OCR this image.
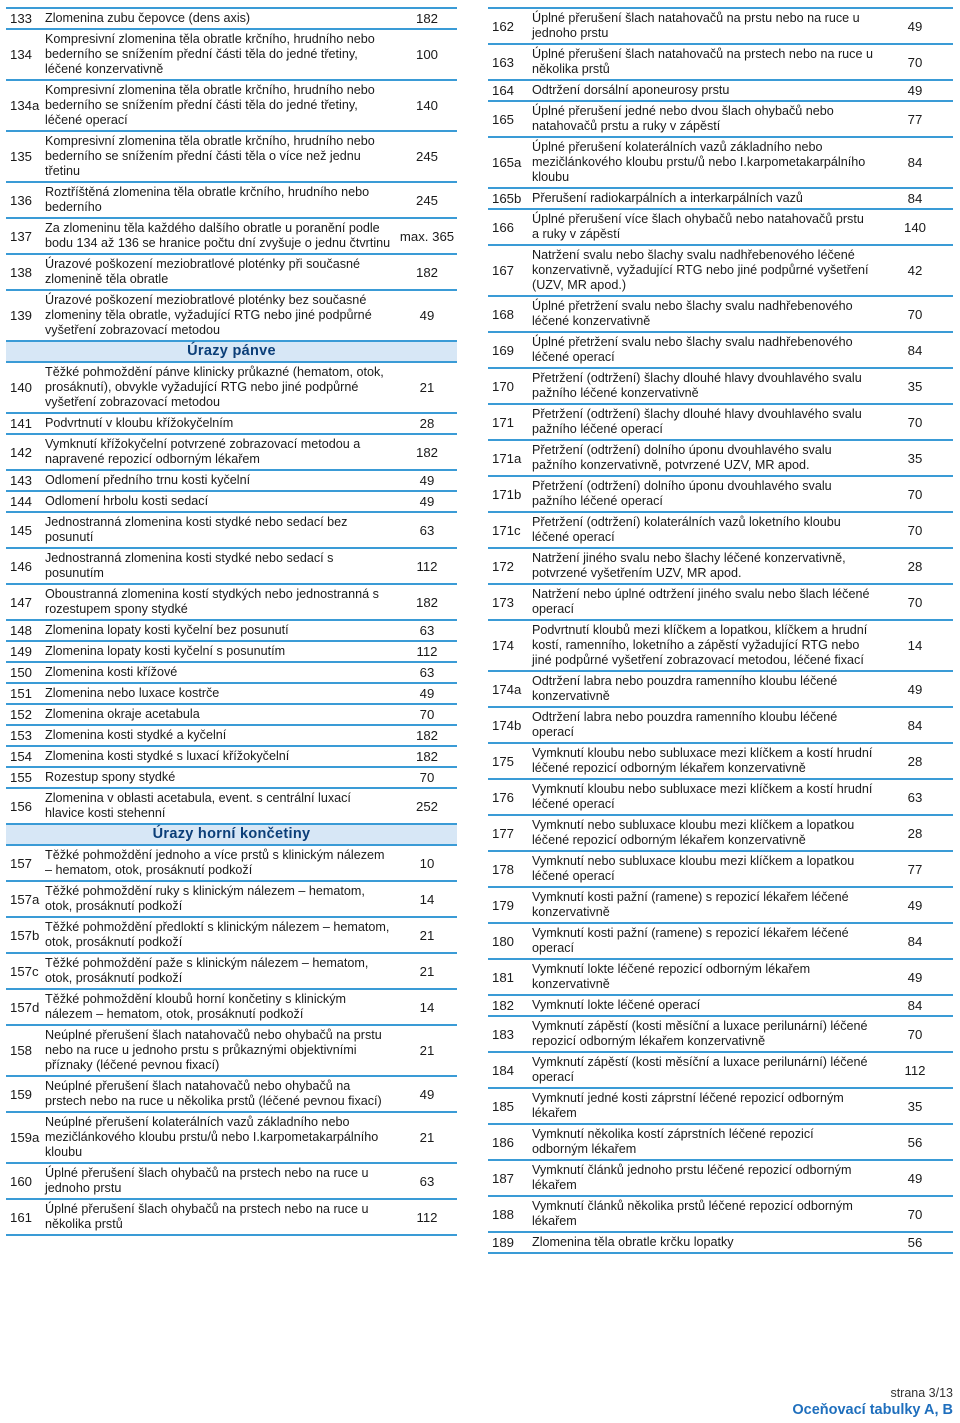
133	Zlomenina zubu čepovce (dens axis)	182
134	Kompresivní zlomenina těla obratle krčního, hrudního nebo bederního se snížením přední části těla do jedné třetiny, léčené konzervativně	100
134a	Kompresivní zlomenina těla obratle krčního, hrudního nebo bederního se snížením přední části těla do jedné třetiny, léčené operací	140
135	Kompresivní zlomenina těla obratle krčního, hrudního nebo bederního se snížením přední části těla o více než jednu třetinu	245
136	Roztříštěná zlomenina těla obratle krčního, hrudního nebo bederního	245
137	Za zlomeninu těla každého dalšího obratle u poranění podle bodu 134 až 136 se hranice počtu dní zvyšuje o jednu čtvrtinu	max. 365
138	Úrazové poškození meziobratlové ploténky při současné zlomenině těla obratle	182
139	Úrazové poškození meziobratlové ploténky bez současné zlomeniny těla obratle, vyžadující RTG nebo jiné podpůrné vyšetření zobrazovací metodou	49
Úrazy pánve		
140	Těžké pohmoždění pánve klinicky průkazné (hematom, otok, prosáknutí), obvykle vyžadující RTG nebo jiné podpůrné vyšetření zobrazovací metodou	21
141	Podvrtnutí v kloubu křížokyčelním	28
142	Vymknutí křížokyčelní potvrzené zobrazovací metodou a napravené repozicí odborným lékařem	182
143	Odlomení předního trnu kosti kyčelní	49
144	Odlomení hrbolu kosti sedací	49
145	Jednostranná zlomenina kosti stydké nebo sedací bez posunutí	63
146	Jednostranná zlomenina kosti stydké nebo sedací s posunutím	112
147	Oboustranná zlomenina kostí stydkých nebo jednostranná s rozestupem spony stydké	182
148	Zlomenina lopaty kosti kyčelní bez posunutí	63
149	Zlomenina lopaty kosti kyčelní s posunutím	112
150	Zlomenina kosti křížové	63
151	Zlomenina nebo luxace kostrče	49
152	Zlomenina okraje acetabula	70
153	Zlomenina kosti stydké a kyčelní	182
154	Zlomenina kosti stydké s luxací křížokyčelní	182
155	Rozestup spony stydké	70
156	Zlomenina v oblasti acetabula, event. s centrální luxací hlavice kosti stehenní	252
Úrazy horní končetiny		
157	Těžké pohmoždění jednoho a více prstů s klinickým nálezem – hematom, otok, prosáknutí podkoží	10
157a	Těžké pohmoždění ruky s klinickým nálezem – hematom, otok, prosáknutí podkoží	14
157b	Těžké pohmoždění předloktí s klinickým nálezem – hematom, otok, prosáknutí podkoží	21
157c	Těžké pohmoždění paže s klinickým nálezem – hematom, otok, prosáknutí podkoží	21
157d	Těžké pohmoždění kloubů horní končetiny s klinickým nálezem – hematom, otok, prosáknutí podkoží	14
158	Neúplné přerušení šlach natahovačů nebo ohybačů na prstu nebo na ruce u jednoho prstu s průkaznými objektivními příznaky (léčené pevnou fixací)	21
159	Neúplné přerušení šlach natahovačů nebo ohybačů na prstech nebo na ruce u několika prstů (léčené pevnou fixací)	49
159a	Neúplné přerušení kolaterálních vazů základního nebo mezičlánkového kloubu prstu/ů nebo I.karpometakarpálního kloubu	21
160	Úplné přerušení šlach ohybačů na prstech nebo na ruce u jednoho prstu	63
161	Úplné přerušení šlach ohybačů na prstech nebo na ruce u několika prstů	112
162	Úplné přerušení šlach natahovačů na prstu nebo na ruce u jednoho prstu	49
163	Úplné přerušení šlach natahovačů na prstech nebo na ruce u několika prstů	70
164	Odtržení dorsální aponeurosy prstu	49
165	Úplné přerušení jedné nebo dvou šlach ohybačů nebo natahovačů prstu a ruky v zápěstí	77
165a	Úplné přerušení kolaterálních vazů základního nebo mezičlánkového kloubu prstu/ů nebo I.karpometakarpálního kloubu	84
165b	Přerušení radiokarpálních a interkarpálních vazů	84
166	Úplné přerušení více šlach ohybačů nebo natahovačů prstu a ruky v zápěstí	140
167	Natržení svalu nebo šlachy svalu nadhřebenového léčené konzervativně, vyžadující RTG nebo jiné podpůrné vyšetření (UZV, MR apod.)	42
168	Úplné přetržení svalu nebo šlachy svalu nadhřebenového léčené konzervativně	70
169	Úplné přetržení svalu nebo šlachy svalu nadhřebenového léčené operací	84
170	Přetržení (odtržení) šlachy dlouhé hlavy dvouhlavého svalu pažního léčené konzervativně	35
171	Přetržení (odtržení) šlachy dlouhé hlavy dvouhlavého svalu pažního léčené operací	70
171a	Přetržení (odtržení) dolního úponu dvouhlavého svalu pažního konzervativně, potvrzené UZV, MR apod.	35
171b	Přetržení (odtržení) dolního úponu dvouhlavého svalu pažního léčené operací	70
171c	Přetržení (odtržení) kolaterálních vazů loketního kloubu léčené operací	70
172	Natržení jiného svalu nebo šlachy léčené konzervativně, potvrzené vyšetřením UZV, MR apod.	28
173	Natržení nebo úplné odtržení jiného svalu nebo šlach léčené operací	70
174	Podvrtnutí kloubů mezi klíčkem a lopatkou, klíčkem a hrudní kostí, ramenního, loketního a zápěstí vyžadující RTG nebo jiné podpůrné vyšetření zobrazovací metodou, léčené fixací	14
174a	Odtržení labra nebo pouzdra ramenního kloubu léčené konzervativně	49
174b	Odtržení labra nebo pouzdra ramenního kloubu léčené operací	84
175	Vymknutí kloubu nebo subluxace mezi klíčkem a kostí hrudní léčené repozicí odborným lékařem konzervativně	28
176	Vymknutí kloubu nebo subluxace mezi klíčkem a kostí hrudní léčené operací	63
177	Vymknutí nebo subluxace kloubu mezi klíčkem a lopatkou léčené repozicí odborným lékařem konzervativně	28
178	Vymknutí nebo subluxace kloubu mezi klíčkem a lopatkou léčené operací	77
179	Vymknutí kosti pažní (ramene) s repozicí lékařem léčené konzervativně	49
180	Vymknutí kosti pažní (ramene) s repozicí lékařem léčené operací	84
181	Vymknutí lokte léčené repozicí odborným lékařem konzervativně	49
182	Vymknutí lokte léčené operací	84
183	Vymknutí zápěstí (kosti měsíční a luxace perilunární) léčené repozicí odborným lékařem konzervativně	70
184	Vymknutí zápěstí (kosti měsíční a luxace perilunární) léčené operací	112
185	Vymknutí jedné kosti záprstní léčené repozicí odborným lékařem	35
186	Vymknutí několika kostí záprstních léčené repozicí odborným lékařem	56
187	Vymknutí článků jednoho prstu léčené repozicí odborným lékařem	49
188	Vymknutí článků několika prstů léčené repozicí odborným lékařem	70
189	Zlomenina těla obratle krčku lopatky	56
strana 3/13
Oceňovací tabulky A, B
